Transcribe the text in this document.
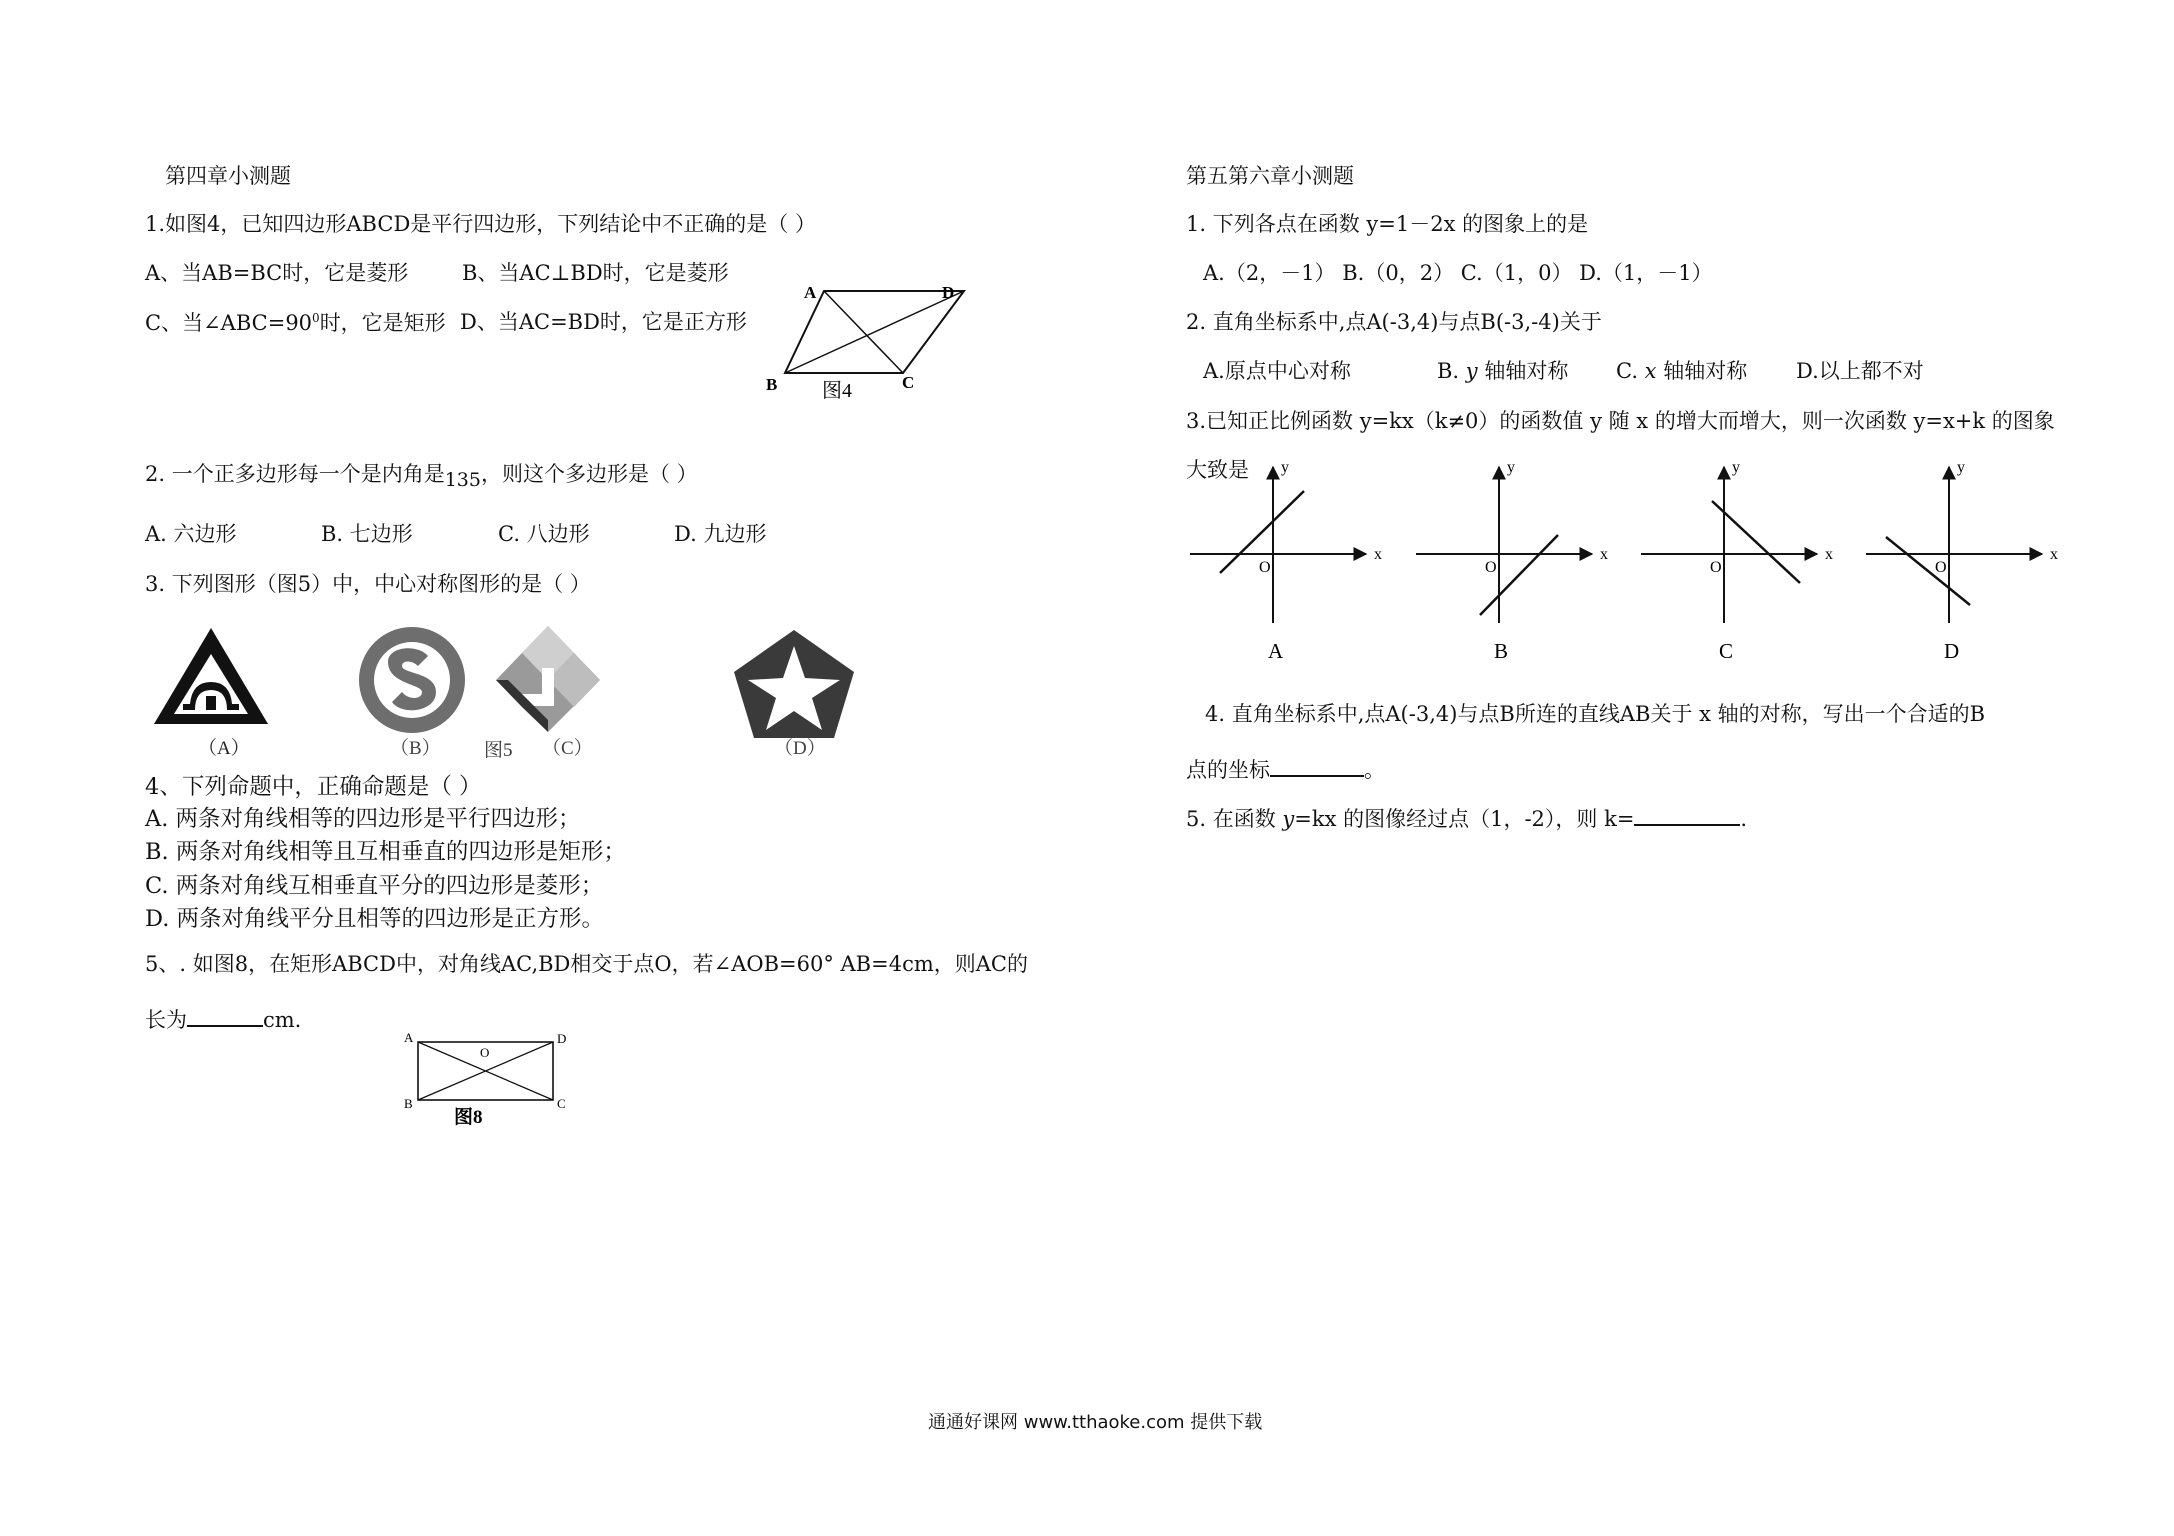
第四章小测题
1.如图4，已知四边形ABCD是平行四边形，下列结论中不正确的是（ ）
A、当AB=BC时，它是菱形	B、当AC⊥BD时，它是菱形
C、当$\angle ABC=90^0$时，它是矩形 D、当AC=BD时，它是正方形
A	D
B	C
图4
2. 一个正多边形每一个是内角是135，则这个多边形是（ ）
A. 六边形	B. 七边形	C. 八边形	D. 九边形
3. 下列图形（图5）中，中心对称图形的是（ ）
（A）	（B）	（C）	（D）
图5
4、下列命题中，正确命题是（ ）
A. 两条对角线相等的四边形是平行四边形；
B. 两条对角线相等且互相垂直的四边形是矩形；
C. 两条对角线互相垂直平分的四边形是菱形；
D. 两条对角线平分且相等的四边形是正方形。
5、. 如图8，在矩形ABCD中，对角线AC,BD相交于点O，若∠AOB=60° AB=4cm，则AC的
长为	cm.
A	D
B	C
O
图8
第五第六章小测题
1. 下列各点在函数 y=1－2x 的图象上的是
A.（2，－1） B.（0，2） C.（1，0） D.（1，－1）
2. 直角坐标系中,点A(-3,4)与点B(-3,-4)关于
A.原点中心对称	B. y 轴轴对称 C. x 轴轴对称 D.以上都不对
3.已知正比例函数 y=kx（k≠0）的函数值 y 随 x 的增大而增大，则一次函数 y=x+k 的图象
大致是
x
y
O
A
x
y
O
B
x
y
O
C
x
y
O
D
4. 直角坐标系中,点A(-3,4)与点B所连的直线AB关于 x 轴的对称，写出一个合适的B
点的坐标	。
5. 在函数 y=kx 的图像经过点（1，-2），则 k=	.
通通好课网 www.tthaoke.com 提供下载
